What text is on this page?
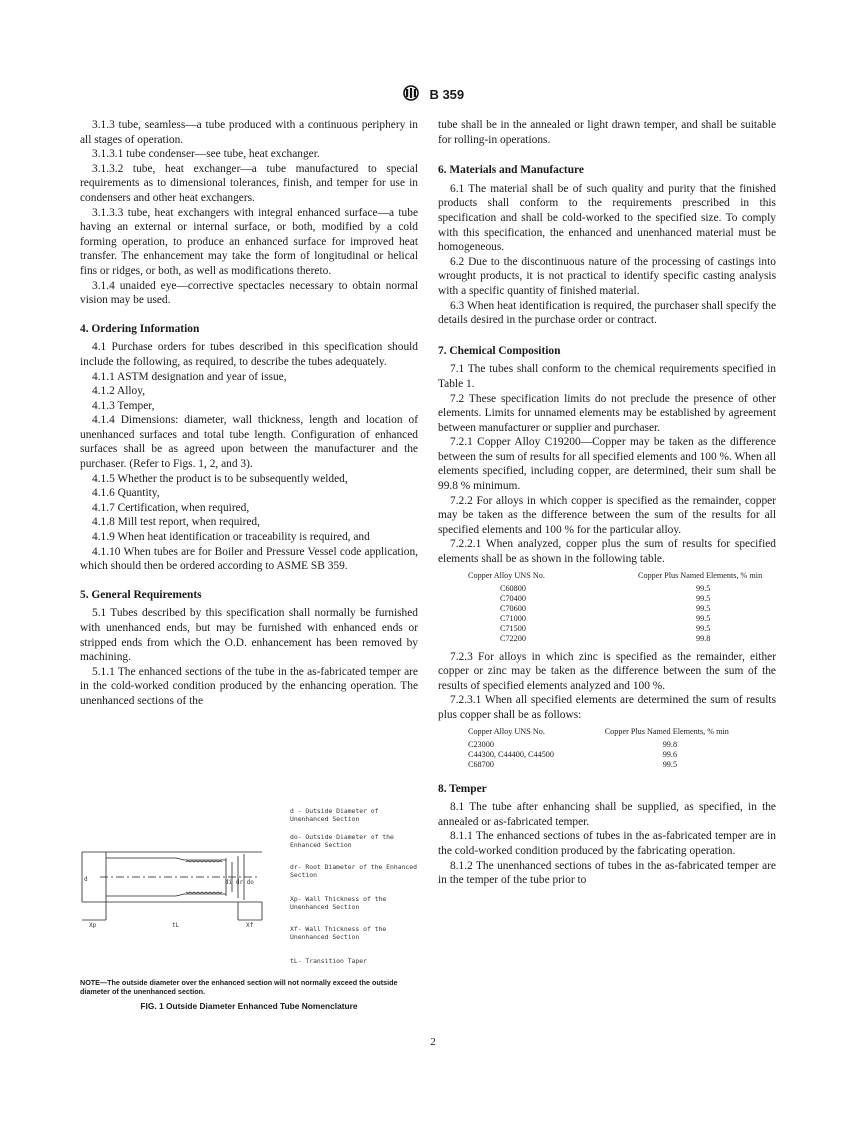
B 359

3.1.3 tube, seamless—a tube produced with a continuous periphery in all stages of operation.

3.1.3.1 tube condenser—see tube, heat exchanger.

3.1.3.2 tube, heat exchanger—a tube manufactured to special requirements as to dimensional tolerances, finish, and temper for use in condensers and other heat exchangers.

3.1.3.3 tube, heat exchangers with integral enhanced surface—a tube having an external or internal surface, or both, modified by a cold forming operation, to produce an enhanced surface for improved heat transfer. The enhancement may take the form of longitudinal or helical fins or ridges, or both, as well as modifications thereto.

3.1.4 unaided eye—corrective spectacles necessary to obtain normal vision may be used.

4. Ordering Information

4.1 Purchase orders for tubes described in this specification should include the following, as required, to describe the tubes adequately.

4.1.1 ASTM designation and year of issue,

4.1.2 Alloy,

4.1.3 Temper,

4.1.4 Dimensions: diameter, wall thickness, length and location of unenhanced surfaces and total tube length. Configuration of enhanced surfaces shall be as agreed upon between the manufacturer and the purchaser. (Refer to Figs. 1, 2, and 3).

4.1.5 Whether the product is to be subsequently welded,

4.1.6 Quantity,

4.1.7 Certification, when required,

4.1.8 Mill test report, when required,

4.1.9 When heat identification or traceability is required, and

4.1.10 When tubes are for Boiler and Pressure Vessel code application, which should then be ordered according to ASME SB 359.

5. General Requirements

5.1 Tubes described by this specification shall normally be furnished with unenhanced ends, but may be furnished with enhanced ends or stripped ends from which the O.D. enhancement has been removed by machining.

5.1.1 The enhanced sections of the tube in the as-fabricated temper are in the cold-worked condition produced by the enhancing operation. The unenhanced sections of the

d - Outside Diameter of Unenhanced Section
do- Outside Diameter of the Enhanced Section
dr- Root Diameter of the Enhanced Section
Xp- Wall Thickness of the Unenhanced Section
Xf- Wall Thickness of the Unenhanced Section
tL- Transition Taper
d	di dr do
Xp	tL	Xf
NOTE—The outside diameter over the enhanced section will not normally exceed the outside diameter of the unenhanced section.
FIG. 1 Outside Diameter Enhanced Tube Nomenclature

tube shall be in the annealed or light drawn temper, and shall be suitable for rolling-in operations.

6. Materials and Manufacture

6.1 The material shall be of such quality and purity that the finished products shall conform to the requirements prescribed in this specification and shall be cold-worked to the specified size. To comply with this specification, the enhanced and unenhanced material must be homogeneous.

6.2 Due to the discontinuous nature of the processing of castings into wrought products, it is not practical to identify specific casting analysis with a specific quantity of finished material.

6.3 When heat identification is required, the purchaser shall specify the details desired in the purchase order or contract.

7. Chemical Composition

7.1 The tubes shall conform to the chemical requirements specified in Table 1.

7.2 These specification limits do not preclude the presence of other elements. Limits for unnamed elements may be established by agreement between manufacturer or supplier and purchaser.

7.2.1 Copper Alloy C19200—Copper may be taken as the difference between the sum of results for all specified elements and 100 %. When all elements specified, including copper, are determined, their sum shall be 99.8 % minimum.

7.2.2 For alloys in which copper is specified as the remainder, copper may be taken as the difference between the sum of the results for all specified elements and 100 % for the particular alloy.

7.2.2.1 When analyzed, copper plus the sum of results for specified elements shall be as shown in the following table.

Copper Alloy UNS No.	Copper Plus Named Elements, % min
C60800	99.5
C70400	99.5
C70600	99.5
C71000	99.5
C71500	99.5
C72200	99.8

7.2.3 For alloys in which zinc is specified as the remainder, either copper or zinc may be taken as the difference between the sum of the results of specified elements analyzed and 100 %.

7.2.3.1 When all specified elements are determined the sum of results plus copper shall be as follows:

Copper Alloy UNS No.	Copper Plus Named Elements, % min
C23000	99.8
C44300, C44400, C44500	99.6
C68700	99.5

8. Temper

8.1 The tube after enhancing shall be supplied, as specified, in the annealed or as-fabricated temper.

8.1.1 The enhanced sections of tubes in the as-fabricated temper are in the cold-worked condition produced by the fabricating operation.

8.1.2 The unenhanced sections of tubes in the as-fabricated temper are in the temper of the tube prior to

2
